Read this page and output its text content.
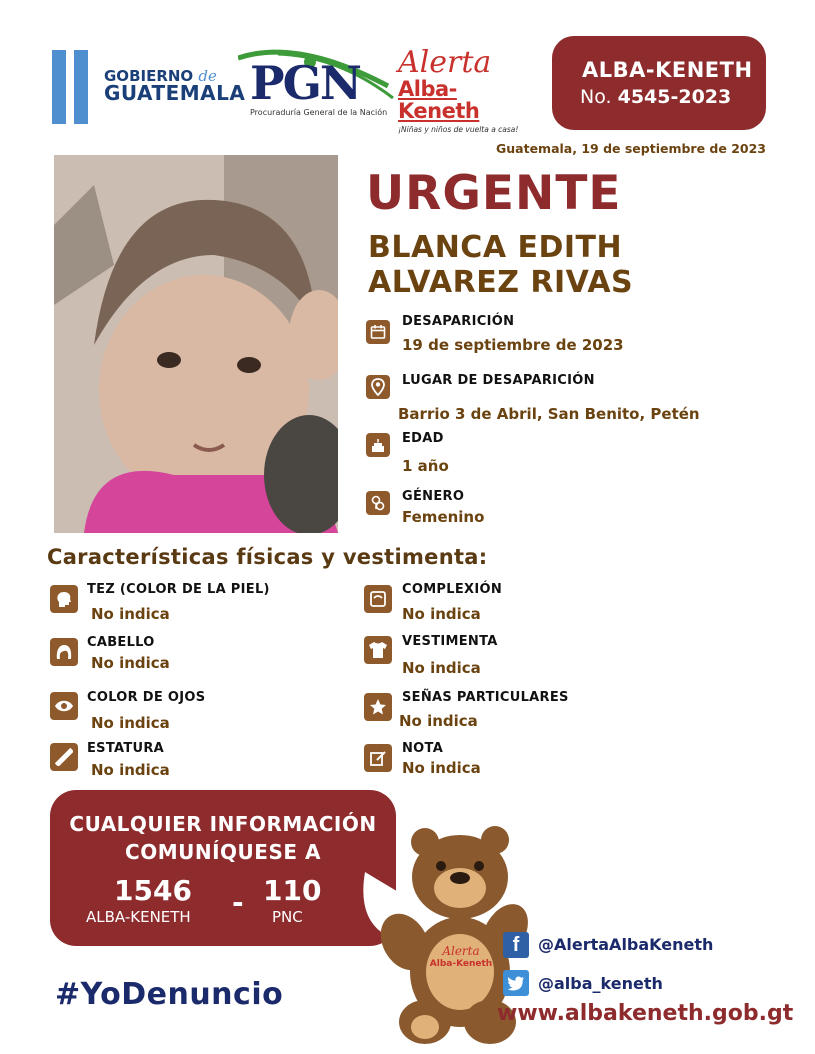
GOBIERNO de
GUATEMALA PGN
Procuraduría General de la Nación
Alerta
Alba-Keneth
¡Niñas y niños de vuelta a casa!
ALBA-KENETH
No. 4545-2023
Guatemala, 19 de septiembre de 2023
URGENTE
BLANCA EDITH
ALVAREZ RIVAS
DESAPARICIÓN
19 de septiembre de 2023
LUGAR DE DESAPARICIÓN
Barrio 3 de Abril, San Benito, Petén
EDAD
1 año
GÉNERO
Femenino
Características físicas y vestimenta:
TEZ (COLOR DE LA PIEL)
No indica
CABELLO
No indica
COLOR DE OJOS
No indica
ESTATURA
No indica
COMPLEXIÓN
No indica
VESTIMENTA
No indica
SEÑAS PARTICULARES
No indica
NOTA
No indica
CUALQUIER INFORMACIÓN
COMUNÍQUESE A
1546
ALBA-KENETH - 110
PNC
Alerta
Alba-Keneth
#YoDenuncio
f	@AlertaAlbaKeneth
@alba_keneth
www.albakeneth.gob.gt
